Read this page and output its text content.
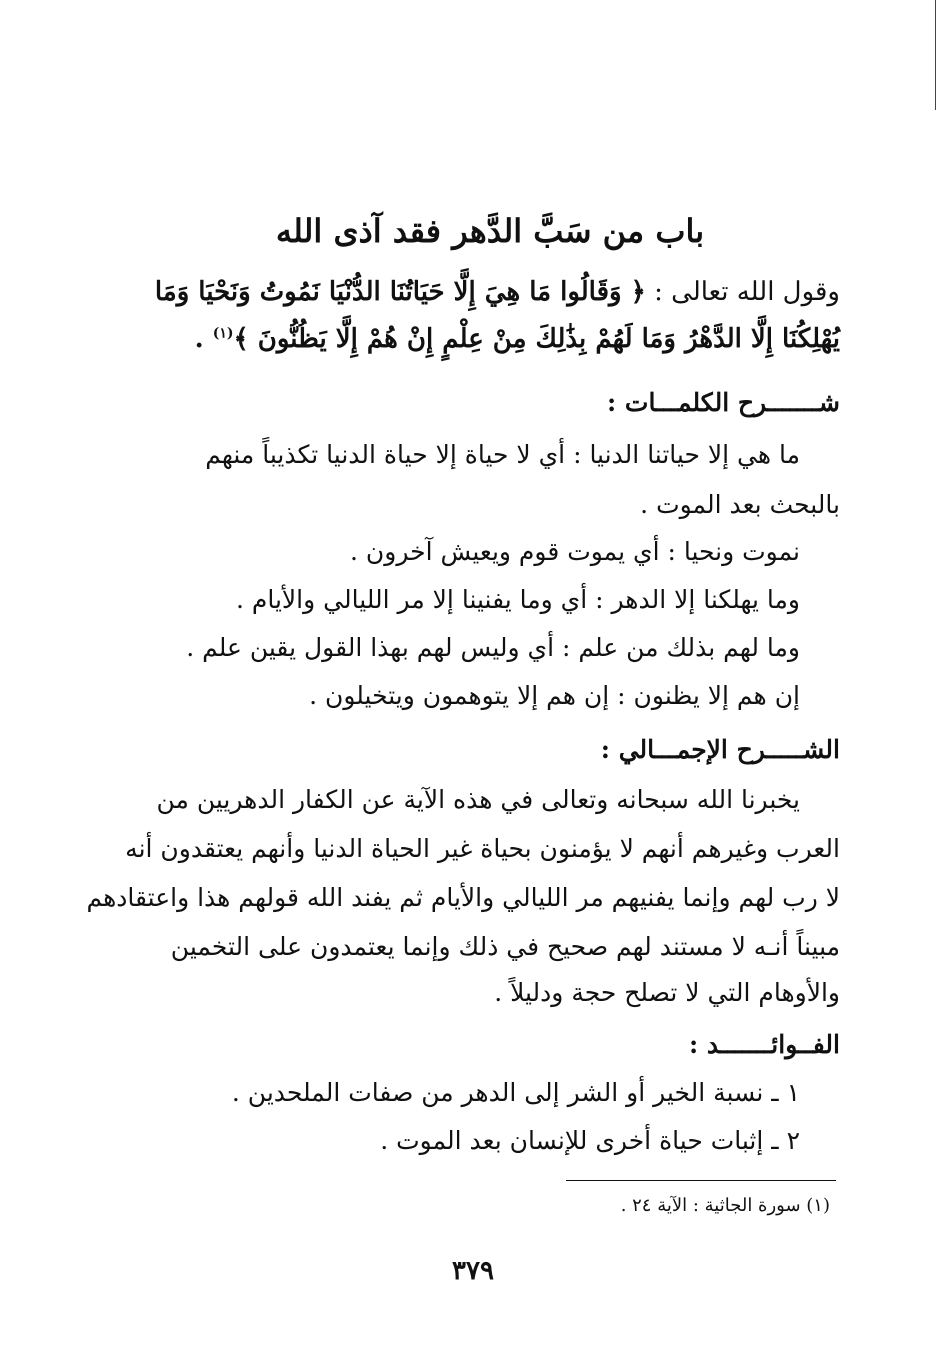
باب من سَبَّ الدَّهر فقد آذى الله
وقول الله تعالى : ﴿ وَقَالُوا مَا هِيَ إِلَّا حَيَاتُنَا الدُّنْيَا نَمُوتُ وَنَحْيَا وَمَا
يُهْلِكُنَا إِلَّا الدَّهْرُ وَمَا لَهُمْ بِذَٰلِكَ مِنْ عِلْمٍ إِنْ هُمْ إِلَّا يَظُنُّونَ ﴾$^{(١)}$ .
شـــــــرح الكلمـــات :
ما هي إلا حياتنا الدنيا : أي لا حياة إلا حياة الدنيا تكذيباً منهم
بالبحث بعد الموت .
نموت ونحيا : أي يموت قوم ويعيش آخرون .
وما يهلكنا إلا الدهر : أي وما يفنينا إلا مر الليالي والأيام .
وما لهم بذلك من علم : أي وليس لهم بهذا القول يقين علم .
إن هم إلا يظنون : إن هم إلا يتوهمون ويتخيلون .
الشـــــرح الإجمـــالي :
يخبرنا الله سبحانه وتعالى في هذه الآية عن الكفار الدهريين من
العرب وغيرهم أنهم لا يؤمنون بحياة غير الحياة الدنيا وأنهم يعتقدون أنه
لا رب لهم وإنما يفنيهم مر الليالي والأيام ثم يفند الله قولهم هذا واعتقادهم
مبيناً أنـه لا مستند لهم صحيح في ذلك وإنما يعتمدون على التخمين
والأوهام التي لا تصلح حجة ودليلاً .
الفــوائـــــــد :
١ ـ نسبة الخير أو الشر إلى الدهر من صفات الملحدين .
٢ ـ إثبات حياة أخرى للإنسان بعد الموت .
(١) سورة الجاثية : الآية ٢٤ .
٣٧٩
